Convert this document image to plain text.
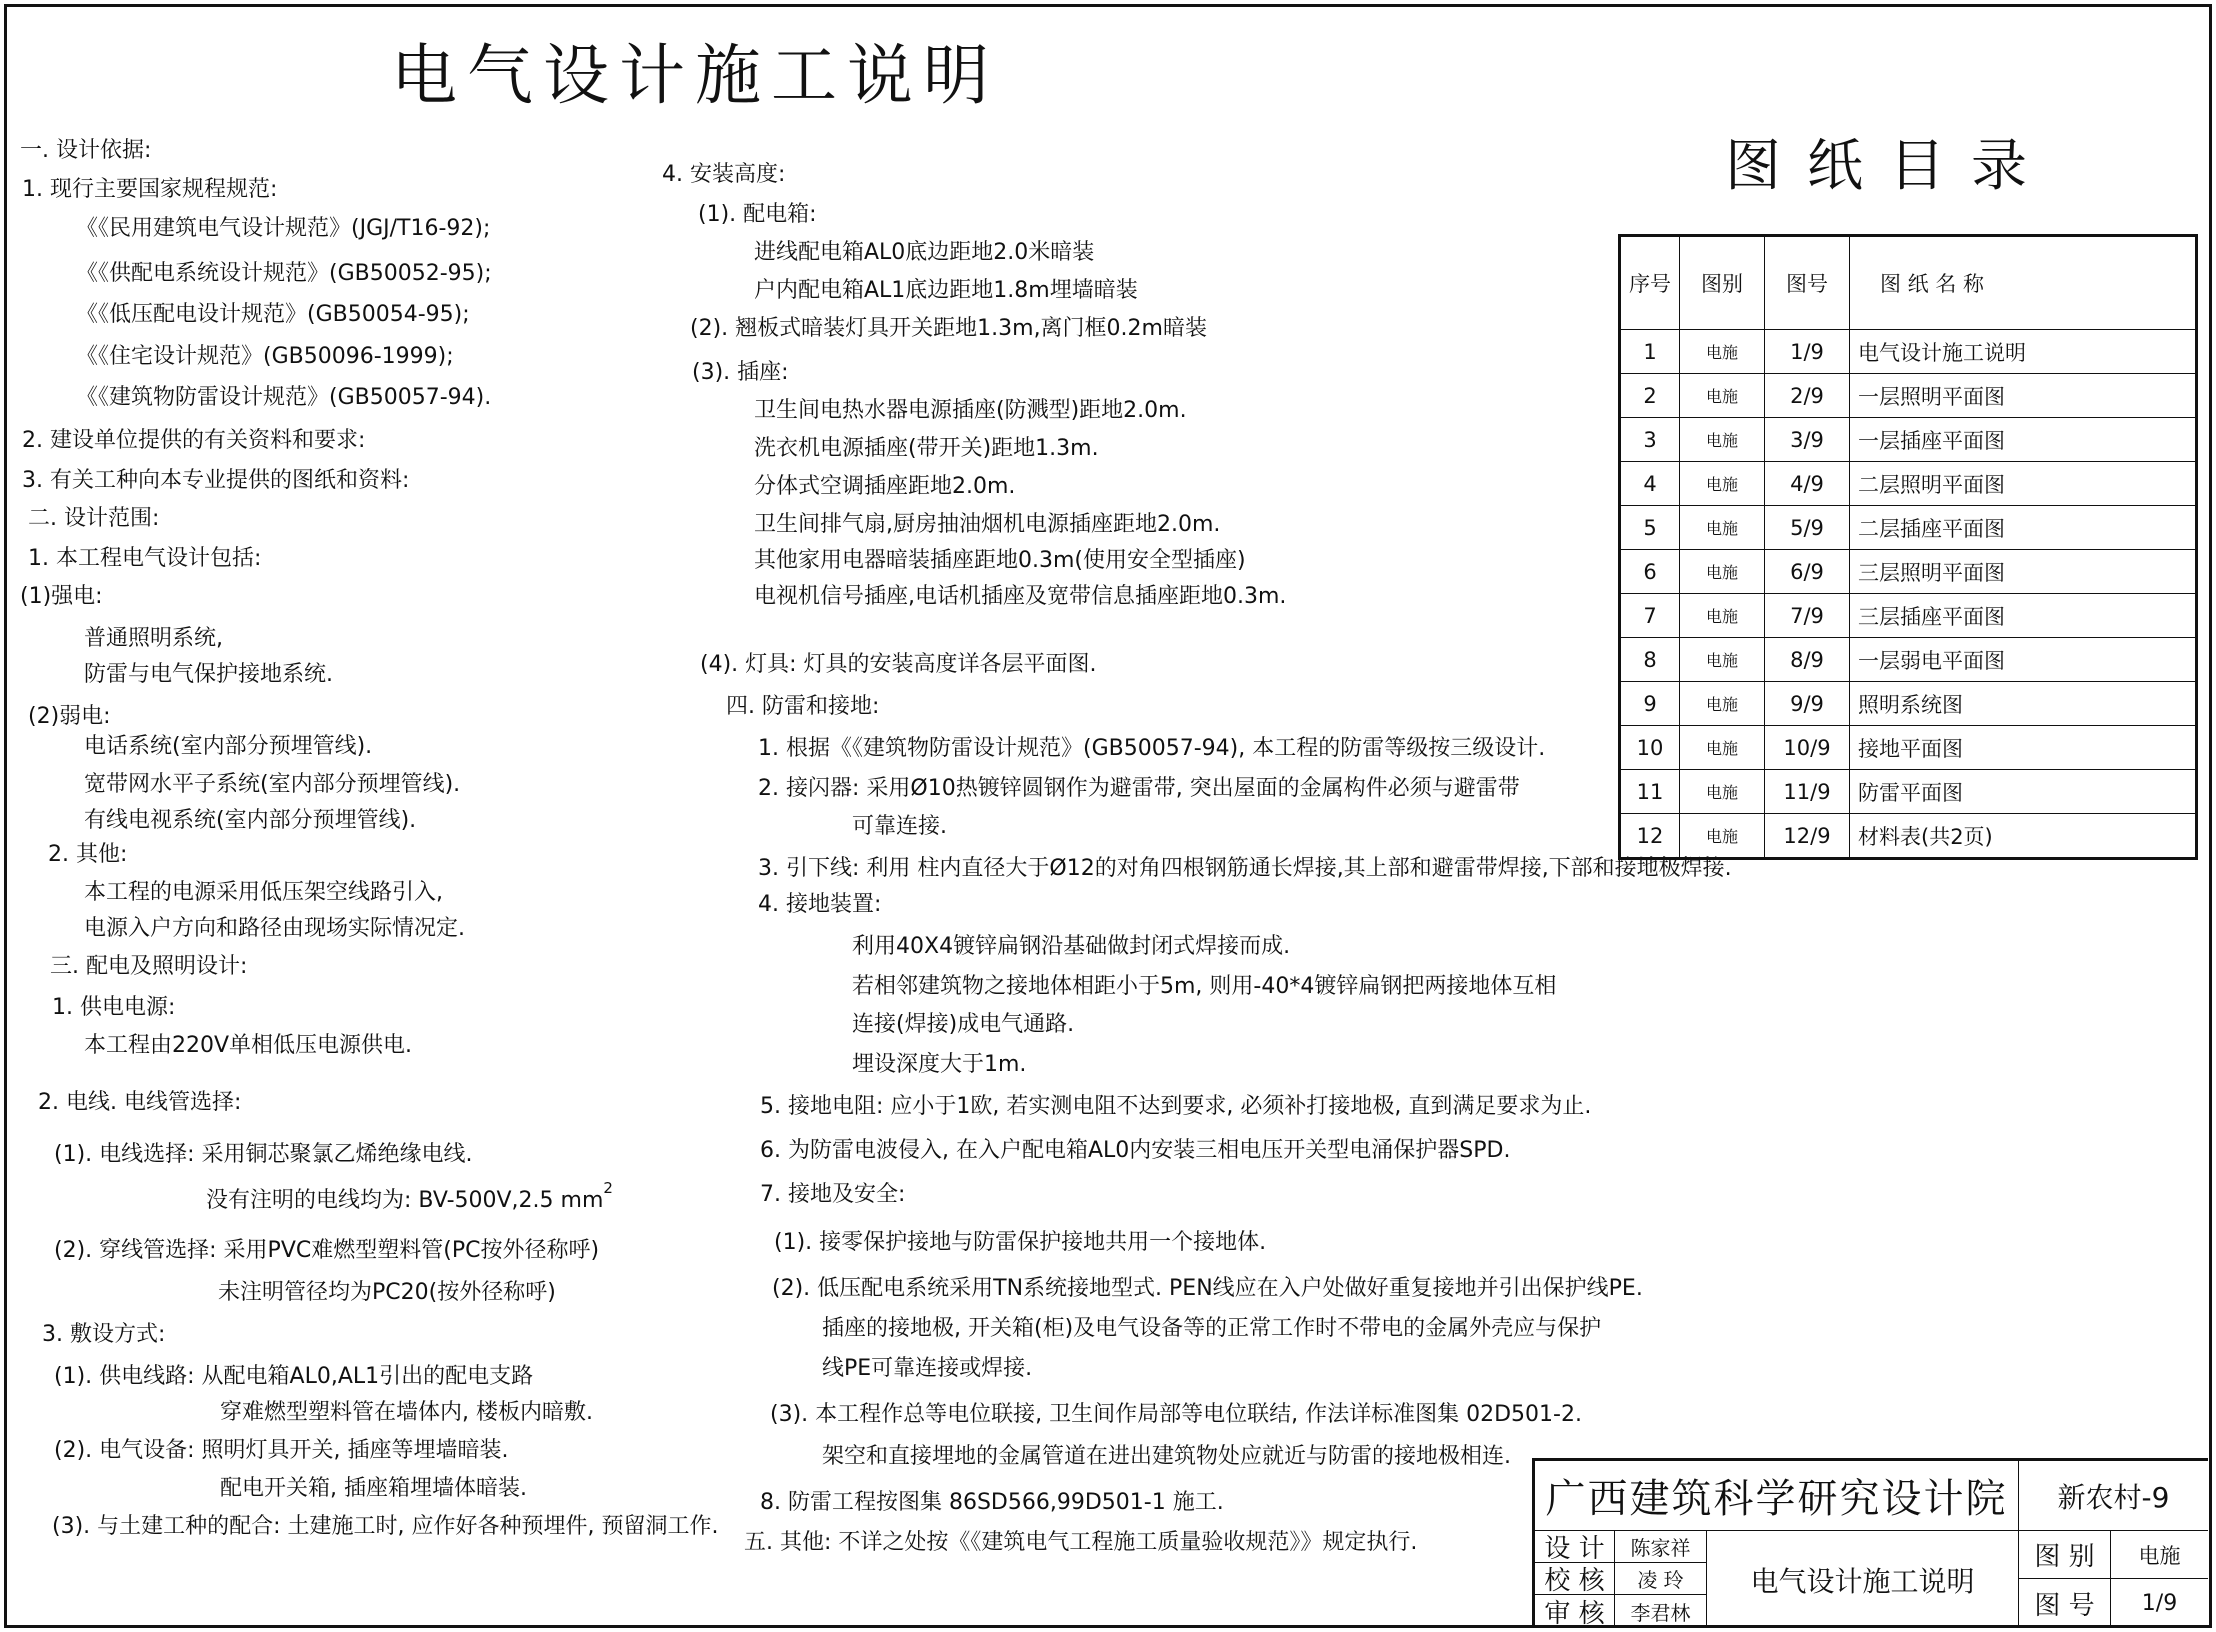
电气设计施工说明
一. 设计依据:
1. 现行主要国家规程规范:
《《民用建筑电气设计规范》(JGJ/T16-92);
《《供配电系统设计规范》(GB50052-95);
《《低压配电设计规范》(GB50054-95);
《《住宅设计规范》(GB50096-1999);
《《建筑物防雷设计规范》(GB50057-94).
2. 建设单位提供的有关资料和要求:
3. 有关工种向本专业提供的图纸和资料:
二. 设计范围:
1. 本工程电气设计包括:
(1)强电:
普通照明系统,
防雷与电气保护接地系统.
(2)弱电:
电话系统(室内部分预埋管线).
宽带网水平子系统(室内部分预埋管线).
有线电视系统(室内部分预埋管线).
2. 其他:
本工程的电源采用低压架空线路引入,
电源入户方向和路径由现场实际情况定.
三. 配电及照明设计:
1. 供电电源:
本工程由220V单相低压电源供电.
2. 电线. 电线管选择:
(1). 电线选择: 采用铜芯聚氯乙烯绝缘电线.
没有注明的电线均为: BV-500V,2.5 $mm^2$
(2). 穿线管选择: 采用PVC难燃型塑料管(PC按外径称呼)
未注明管径均为PC20(按外径称呼)
3. 敷设方式:
(1). 供电线路: 从配电箱AL0,AL1引出的配电支路
穿难燃型塑料管在墙体内, 楼板内暗敷.
(2). 电气设备: 照明灯具开关, 插座等埋墙暗装.
配电开关箱, 插座箱埋墙体暗装.
(3). 与土建工种的配合: 土建施工时, 应作好各种预埋件, 预留洞工作.
4. 安装高度:
(1). 配电箱:
进线配电箱AL0底边距地2.0米暗装
户内配电箱AL1底边距地1.8m埋墙暗装
(2). 翘板式暗装灯具开关距地1.3m,离门框0.2m暗装
(3). 插座:
卫生间电热水器电源插座(防溅型)距地2.0m.
洗衣机电源插座(带开关)距地1.3m.
分体式空调插座距地2.0m.
卫生间排气扇,厨房抽油烟机电源插座距地2.0m.
其他家用电器暗装插座距地0.3m(使用安全型插座)
电视机信号插座,电话机插座及宽带信息插座距地0.3m.
(4). 灯具: 灯具的安装高度详各层平面图.
四. 防雷和接地:
1. 根据《《建筑物防雷设计规范》(GB50057-94), 本工程的防雷等级按三级设计.
2. 接闪器: 采用Ø10热镀锌圆钢作为避雷带, 突出屋面的金属构件必须与避雷带
可靠连接.
3. 引下线: 利用 柱内直径大于Ø12的对角四根钢筋通长焊接,其上部和避雷带焊接,下部和接地极焊接.
4. 接地装置:
利用40X4镀锌扁钢沿基础做封闭式焊接而成.
若相邻建筑物之接地体相距小于5m, 则用-40*4镀锌扁钢把两接地体互相
连接(焊接)成电气通路.
埋设深度大于1m.
5. 接地电阻: 应小于1欧, 若实测电阻不达到要求, 必须补打接地极, 直到满足要求为止.
6. 为防雷电波侵入, 在入户配电箱AL0内安装三相电压开关型电涌保护器SPD.
7. 接地及安全:
(1). 接零保护接地与防雷保护接地共用一个接地体.
(2). 低压配电系统采用TN系统接地型式. PEN线应在入户处做好重复接地并引出保护线PE.
插座的接地极, 开关箱(柜)及电气设备等的正常工作时不带电的金属外壳应与保护
线PE可靠连接或焊接.
(3). 本工程作总等电位联接, 卫生间作局部等电位联结, 作法详标准图集 02D501-2.
架空和直接埋地的金属管道在进出建筑物处应就近与防雷的接地极相连.
8. 防雷工程按图集 86SD566,99D501-1 施工.
五. 其他: 不详之处按《《建筑电气工程施工质量验收规范》》规定执行.
图纸目录
序号	图别	图号	图 纸 名 称
1	电施	1/9	电气设计施工说明
2	电施	2/9	一层照明平面图
3	电施	3/9	一层插座平面图
4	电施	4/9	二层照明平面图
5	电施	5/9	二层插座平面图
6	电施	6/9	三层照明平面图
7	电施	7/9	三层插座平面图
8	电施	8/9	一层弱电平面图
9	电施	9/9	照明系统图
10	电施	10/9	接地平面图
11	电施	11/9	防雷平面图
12	电施	12/9	材料表(共2页)
广西建筑科学研究设计院	新农村-9
设 计	陈家祥
校 核	凌 玲
审 核	李君林
电气设计施工说明
图 别	电施
图 号	1/9
